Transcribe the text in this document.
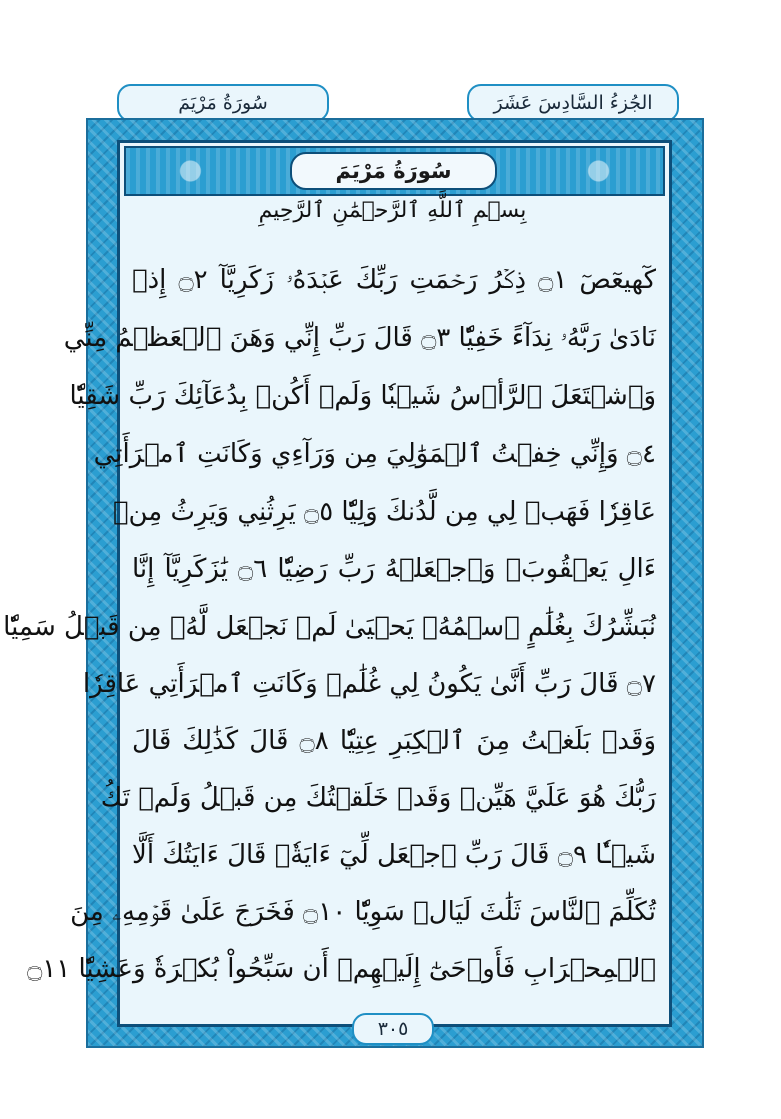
الجُزءُ السَّادِسَ عَشَرَ
سُورَةُ مَرْيَمَ
سُورَةُ مَرْيَمَ
بِسۡمِ ٱللَّهِ ٱلرَّحۡمَٰنِ ٱلرَّحِيمِ
كٓهيعٓصٓ ۝١ ذِكۡرُ رَحۡمَتِ رَبِّكَ عَبۡدَهُۥ زَكَرِيَّآ ۝٢ إِذۡ
نَادَىٰ رَبَّهُۥ نِدَآءً خَفِيّٗا ۝٣ قَالَ رَبِّ إِنِّي وَهَنَ ٱلۡعَظۡمُ مِنِّي
وَٱشۡتَعَلَ ٱلرَّأۡسُ شَيۡبٗا وَلَمۡ أَكُنۢ بِدُعَآئِكَ رَبِّ شَقِيّٗا
۝٤ وَإِنِّي خِفۡتُ ٱلۡمَوَٰلِيَ مِن وَرَآءِي وَكَانَتِ ٱمۡرَأَتِي
عَاقِرٗا فَهَبۡ لِي مِن لَّدُنكَ وَلِيّٗا ۝٥ يَرِثُنِي وَيَرِثُ مِنۡ
ءَالِ يَعۡقُوبَۖ وَٱجۡعَلۡهُ رَبِّ رَضِيّٗا ۝٦ يَٰزَكَرِيَّآ إِنَّا
نُبَشِّرُكَ بِغُلَٰمٍ ٱسۡمُهُۥ يَحۡيَىٰ لَمۡ نَجۡعَل لَّهُۥ مِن قَبۡلُ سَمِيّٗا
۝٧ قَالَ رَبِّ أَنَّىٰ يَكُونُ لِي غُلَٰمٞ وَكَانَتِ ٱمۡرَأَتِي عَاقِرٗا
وَقَدۡ بَلَغۡتُ مِنَ ٱلۡكِبَرِ عِتِيّٗا ۝٨ قَالَ كَذَٰلِكَ قَالَ
رَبُّكَ هُوَ عَلَيَّ هَيِّنٞ وَقَدۡ خَلَقۡتُكَ مِن قَبۡلُ وَلَمۡ تَكُ
شَيۡـٔٗا ۝٩ قَالَ رَبِّ ٱجۡعَل لِّيٓ ءَايَةٗۖ قَالَ ءَايَتُكَ أَلَّا
تُكَلِّمَ ٱلنَّاسَ ثَلَٰثَ لَيَالٖ سَوِيّٗا ۝١٠ فَخَرَجَ عَلَىٰ قَوۡمِهِۦ مِنَ
ٱلۡمِحۡرَابِ فَأَوۡحَىٰٓ إِلَيۡهِمۡ أَن سَبِّحُواْ بُكۡرَةٗ وَعَشِيّٗا ۝١١
٣٠٥
